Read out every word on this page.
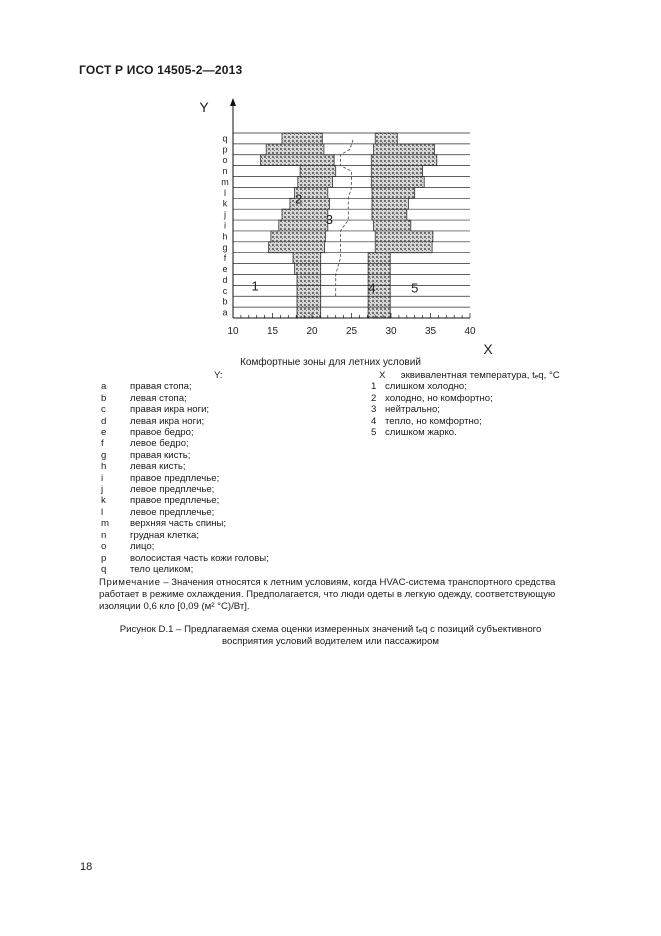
ГОСТ Р ИСО 14505-2—2013
a
b
c
d
e
f
g
h
i
j
k
l
m
n
o
p
q
10	15	20	25	30	35	40
Y
X
1
2
3
4	5
Комфортные зоны для летних условий
Y:
a правая стопа;
b левая стопа;
c	правая икра ноги;
d левая икра ноги;
e правое бедро;
f	левое бедро;
g правая кисть;
h левая кисть;
i	правое предплечье;
j	левое предплечье;
k	правое предплечье;
l	левое предплечье;
m верхняя часть спины;
n грудная клетка;
o лицо;
p волосистая часть кожи головы;
q тело целиком;
X эквивалентная температура, tₑq, °C
1 слишком холодно;
2 холодно, но комфортно;
3 нейтрально;
4 тепло, но комфортно;
5 слишком жарко.
Примечание – Значения относятся к летним условиям, когда HVAC-система транспортного средства работает в режиме охлаждения. Предполагается, что люди одеты в легкую одежду, соответствующую изоляции 0,6 кло [0,09 (м² °C)/Вт].
Рисунок D.1 – Предлагаемая схема оценки измеренных значений tₑq с позиций субъективного
восприятия условий водителем или пассажиром
18
